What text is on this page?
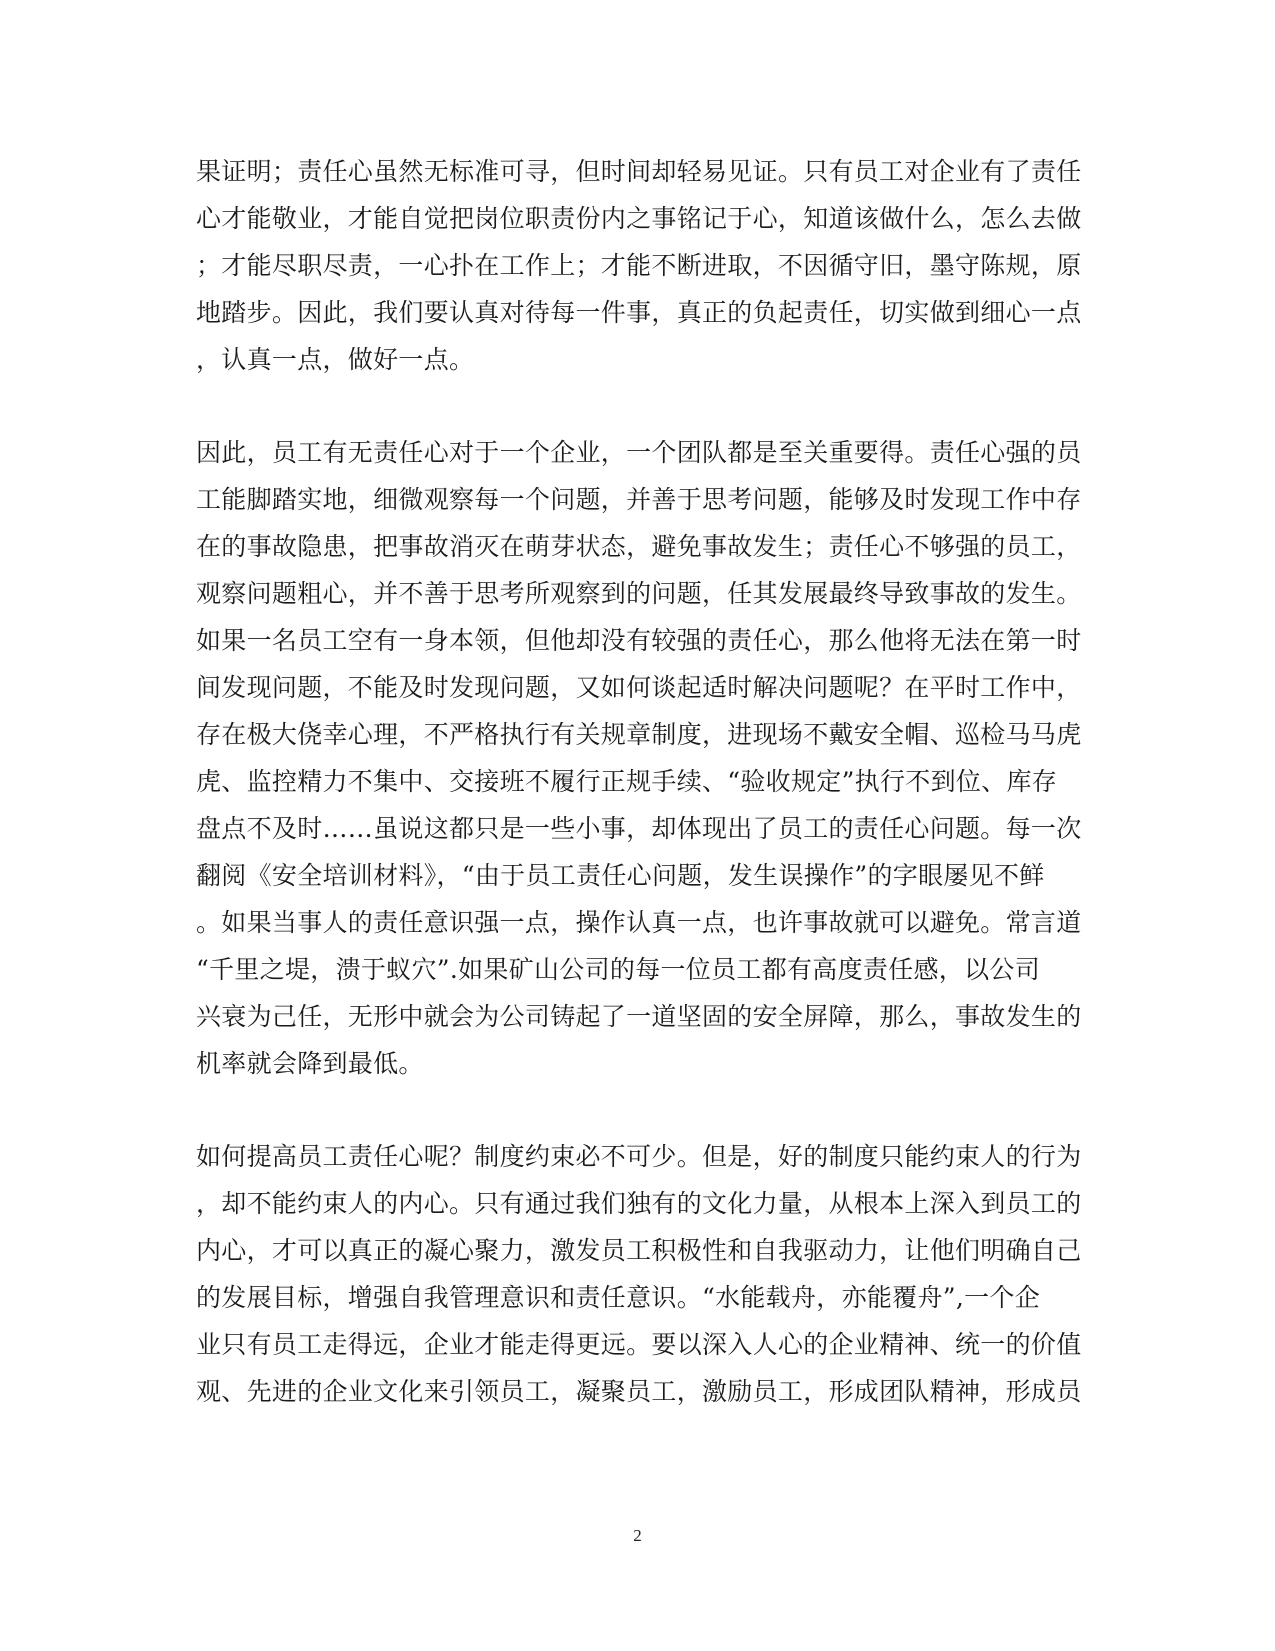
果证明；责任心虽然无标准可寻，但时间却轻易见证。只有员工对企业有了责任
心才能敬业，才能自觉把岗位职责份内之事铭记于心，知道该做什么，怎么去做
；才能尽职尽责，一心扑在工作上；才能不断进取，不因循守旧，墨守陈规，原
地踏步。因此，我们要认真对待每一件事，真正的负起责任，切实做到细心一点
，认真一点，做好一点。
因此，员工有无责任心对于一个企业，一个团队都是至关重要得。责任心强的员
工能脚踏实地，细微观察每一个问题，并善于思考问题，能够及时发现工作中存
在的事故隐患，把事故消灭在萌芽状态，避免事故发生；责任心不够强的员工，
观察问题粗心，并不善于思考所观察到的问题，任其发展最终导致事故的发生。
如果一名员工空有一身本领，但他却没有较强的责任心，那么他将无法在第一时
间发现问题，不能及时发现问题，又如何谈起适时解决问题呢？在平时工作中，
存在极大侥幸心理，不严格执行有关规章制度，进现场不戴安全帽、巡检马马虎
虎、监控精力不集中、交接班不履行正规手续、“验收规定”执行不到位、库存
盘点不及时……虽说这都只是一些小事，却体现出了员工的责任心问题。每一次
翻阅《安全培训材料》，“由于员工责任心问题，发生误操作”的字眼屡见不鲜
。如果当事人的责任意识强一点，操作认真一点，也许事故就可以避免。常言道
“千里之堤，溃于蚁穴”.如果矿山公司的每一位员工都有高度责任感，以公司
兴衰为己任，无形中就会为公司铸起了一道坚固的安全屏障，那么，事故发生的
机率就会降到最低。
如何提高员工责任心呢？制度约束必不可少。但是，好的制度只能约束人的行为
，却不能约束人的内心。只有通过我们独有的文化力量，从根本上深入到员工的
内心，才可以真正的凝心聚力，激发员工积极性和自我驱动力，让他们明确自己
的发展目标，增强自我管理意识和责任意识。“水能载舟，亦能覆舟”,一个企
业只有员工走得远，企业才能走得更远。要以深入人心的企业精神、统一的价值
观、先进的企业文化来引领员工，凝聚员工，激励员工，形成团队精神，形成员
2
